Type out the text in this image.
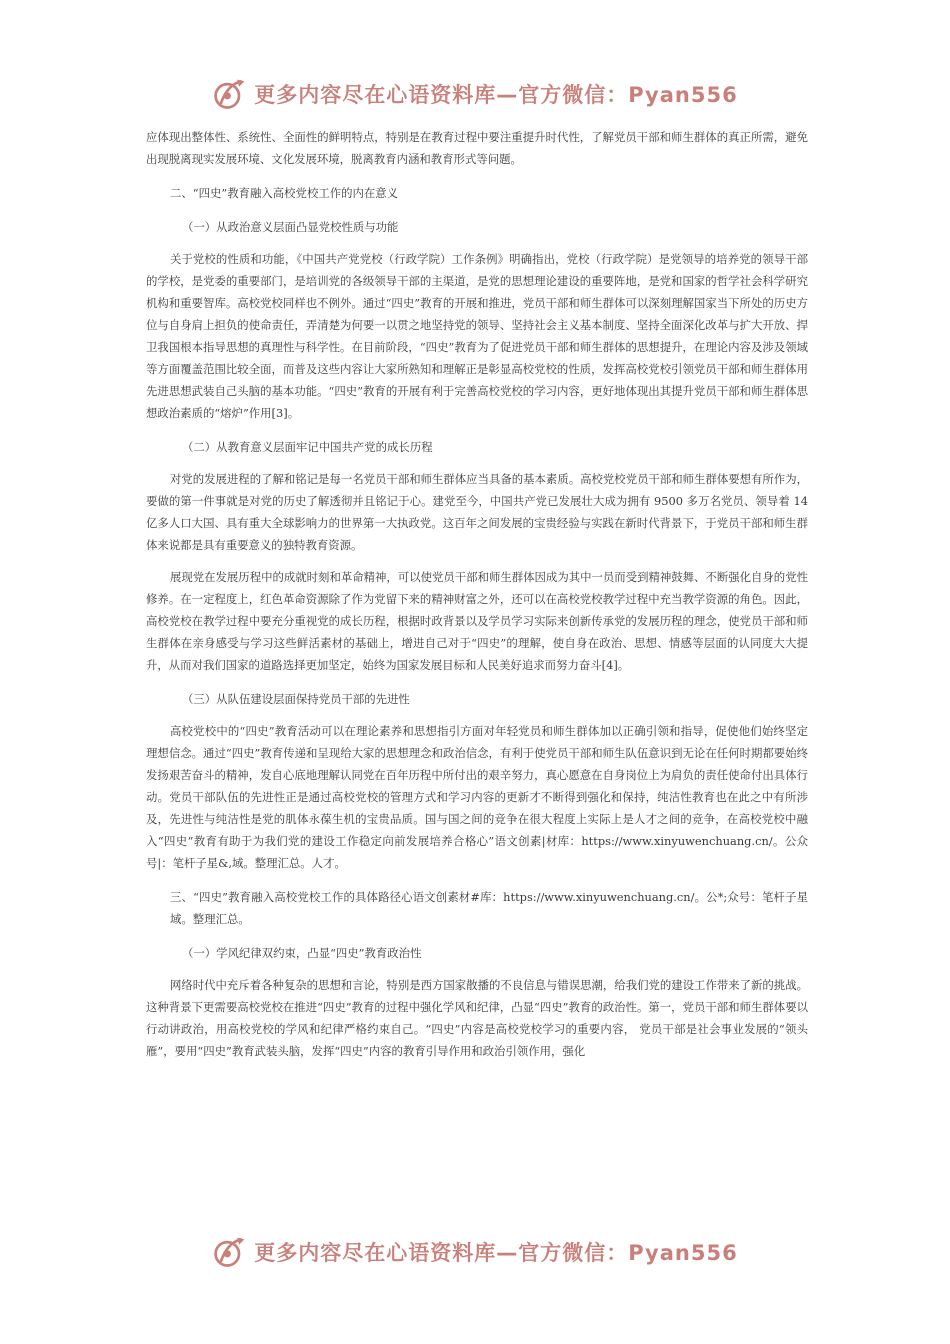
更多内容尽在心语资料库—官方微信：Pyan556

应体现出整体性、系统性、全面性的鲜明特点，特别是在教育过程中要注重提升时代性，了解党员干部和师生群体的真正所需，避免出现脱离现实发展环境、文化发展环境，脱离教育内涵和教育形式等问题。

二、“四史”教育融入高校党校工作的内在意义

（一）从政治意义层面凸显党校性质与功能

关于党校的性质和功能，《中国共产党党校（行政学院）工作条例》明确指出，党校（行政学院）是党领导的培养党的领导干部的学校，是党委的重要部门，是培训党的各级领导干部的主渠道，是党的思想理论建设的重要阵地，是党和国家的哲学社会科学研究机构和重要智库。高校党校同样也不例外。通过“四史”教育的开展和推进，党员干部和师生群体可以深刻理解国家当下所处的历史方位与自身肩上担负的使命责任，弄清楚为何要一以贯之地坚持党的领导、坚持社会主义基本制度、坚持全面深化改革与扩大开放、捍卫我国根本指导思想的真理性与科学性。在目前阶段，“四史”教育为了促进党员干部和师生群体的思想提升，在理论内容及涉及领域等方面覆盖范围比较全面，而普及这些内容让大家所熟知和理解正是彰显高校党校的性质，发挥高校党校引领党员干部和师生群体用先进思想武装自己头脑的基本功能。“四史”教育的开展有利于完善高校党校的学习内容，更好地体现出其提升党员干部和师生群体思想政治素质的“熔炉”作用[3]。

（二）从教育意义层面牢记中国共产党的成长历程

对党的发展进程的了解和铭记是每一名党员干部和师生群体应当具备的基本素质。高校党校党员干部和师生群体要想有所作为，要做的第一件事就是对党的历史了解透彻并且铭记于心。建党至今，中国共产党已发展壮大成为拥有 9500 多万名党员、领导着 14 亿多人口大国、具有重大全球影响力的世界第一大执政党。这百年之间发展的宝贵经验与实践在新时代背景下，于党员干部和师生群体来说都是具有重要意义的独特教育资源。

展现党在发展历程中的成就时刻和革命精神，可以使党员干部和师生群体因成为其中一员而受到精神鼓舞、不断强化自身的党性修养。在一定程度上，红色革命资源除了作为党留下来的精神财富之外，还可以在高校党校教学过程中充当教学资源的角色。因此，高校党校在教学过程中要充分重视党的成长历程，根据时政背景以及学员学习实际来创新传承党的发展历程的理念，使党员干部和师生群体在亲身感受与学习这些鲜活素材的基础上，增进自己对于“四史”的理解，使自身在政治、思想、情感等层面的认同度大大提升，从而对我们国家的道路选择更加坚定，始终为国家发展目标和人民美好追求而努力奋斗[4]。

（三）从队伍建设层面保持党员干部的先进性

高校党校中的“四史”教育活动可以在理论素养和思想指引方面对年轻党员和师生群体加以正确引领和指导，促使他们始终坚定理想信念。通过“四史”教育传递和呈现给大家的思想理念和政治信念，有利于使党员干部和师生队伍意识到无论在任何时期都要始终发扬艰苦奋斗的精神，发自心底地理解认同党在百年历程中所付出的艰辛努力，真心愿意在自身岗位上为肩负的责任使命付出具体行动。党员干部队伍的先进性正是通过高校党校的管理方式和学习内容的更新才不断得到强化和保持，纯洁性教育也在此之中有所涉及，先进性与纯洁性是党的肌体永葆生机的宝贵品质。国与国之间的竞争在很大程度上实际上是人才之间的竞争，在高校党校中融入“四史”教育有助于为我们党的建设工作稳定向前发展培养合格心”语文创素|材库：https://www.xinyuwenchuang.cn/。公众号|：笔杆子星&,域。整理汇总。人才。

三、“四史”教育融入高校党校工作的具体路径心语文创素材#库：https://www.xinyuwenchuang.cn/。公*;众号：笔杆子星域。整理汇总。

（一）学风纪律双约束，凸显“四史”教育政治性

网络时代中充斥着各种复杂的思想和言论，特别是西方国家散播的不良信息与错误思潮，给我们党的建设工作带来了新的挑战。这种背景下更需要高校党校在推进“四史”教育的过程中强化学风和纪律，凸显“四史”教育的政治性。第一，党员干部和师生群体要以行动讲政治，用高校党校的学风和纪律严格约束自己。“四史”内容是高校党校学习的重要内容， 党员干部是社会事业发展的“领头雁”，要用“四史”教育武装头脑，发挥“四史”内容的教育引导作用和政治引领作用，强化

更多内容尽在心语资料库—官方微信：Pyan556
